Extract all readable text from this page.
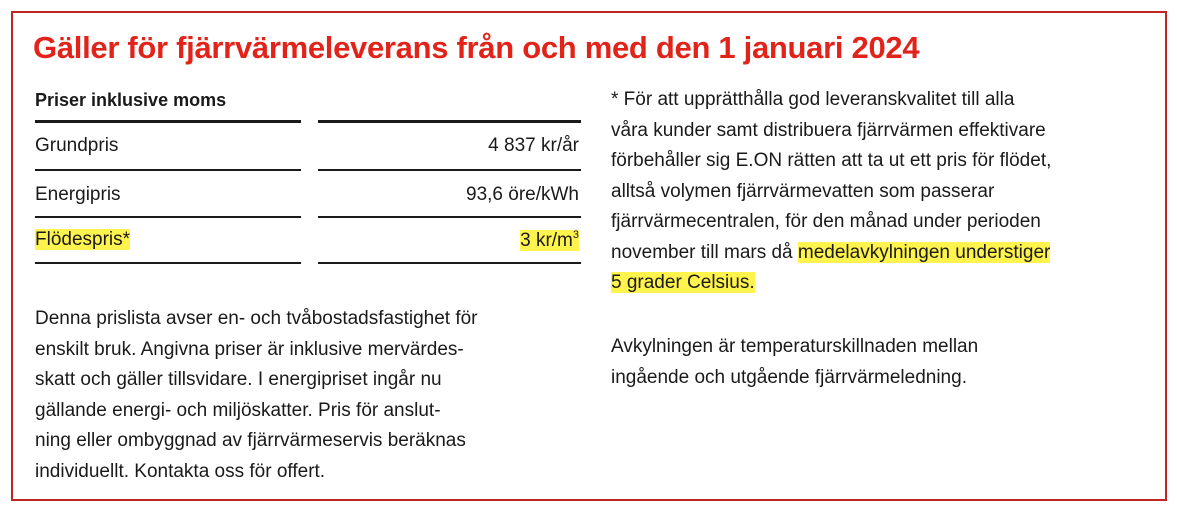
Gäller för fjärrvärmeleverans från och med den 1 januari 2024
Priser inklusive moms
Grundpris	4 837 kr/år
Energipris	93,6 öre/kWh
Flödespris*	3 $kr/m^3$
Denna prislista avser en- och tvåbostadsfastighet för
enskilt bruk. Angivna priser är inklusive mervärdes-
skatt och gäller tillsvidare. I energipriset ingår nu
gällande energi- och miljöskatter. Pris för anslut-
ning eller ombyggnad av fjärrvärmeservis beräknas
individuellt. Kontakta oss för offert.
* För att upprätthålla god leveranskvalitet till alla
våra kunder samt distribuera fjärrvärmen effektivare
förbehåller sig E.ON rätten att ta ut ett pris för flödet,
alltså volymen fjärrvärmevatten som passerar
fjärrvärmecentralen, för den månad under perioden
november till mars då medelavkylningen understiger
5 grader Celsius.
Avkylningen är temperaturskillnaden mellan
ingående och utgående fjärrvärmeledning.
